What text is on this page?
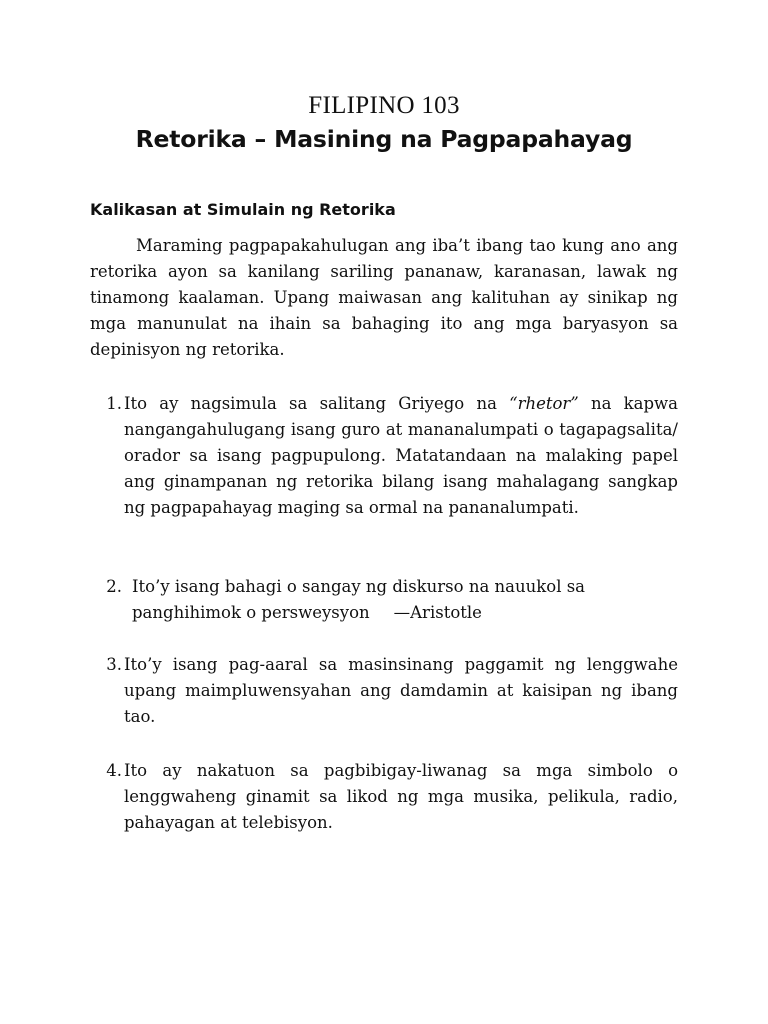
FILIPINO 103
Retorika – Masining na Pagpapahayag
Kalikasan at Simulain ng Retorika

Maraming pagpapakahulugan ang iba’t ibang tao kung ano ang retorika ayon sa kanilang sariling pananaw, karanasan, lawak ng tinamong kaalaman. Upang maiwasan ang kalituhan ay sinikap ng mga manunulat na ihain sa bahaging ito ang mga baryasyon sa depinisyon ng retorika.

1. Ito ay nagsimula sa salitang Griyego na “rhetor” na kapwa nangangahulugang isang guro at mananalumpati o tagapagsalita/ orador sa isang pagpupulong. Matatandaan na malaking papel ang ginampanan ng retorika bilang isang mahalagang sangkap ng pagpapahayag maging sa ormal na pananalumpati.
2. Ito’y isang bahagi o sangay ng diskurso na nauukol sa panghihimok o persweysyon —Aristotle
3. Ito’y isang pag-aaral sa masinsinang paggamit ng lenggwahe upang maimpluwensyahan ang damdamin at kaisipan ng ibang tao.
4. Ito ay nakatuon sa pagbibigay-liwanag sa mga simbolo o lenggwaheng ginamit sa likod ng mga musika, pelikula, radio, pahayagan at telebisyon.
